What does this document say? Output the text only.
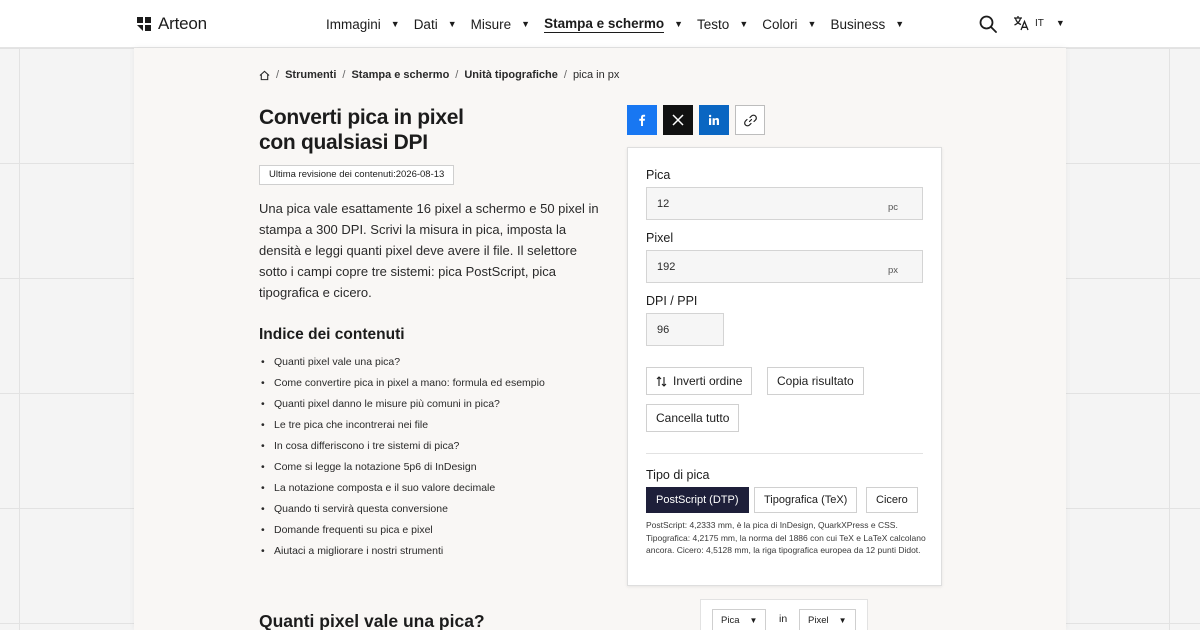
Arteon	Immagini ▼ Dati ▼ Misure ▼ Stampa e schermo ▼ Testo ▼ Colori ▼ Business ▼	IT ▼
/ Strumenti / Stampa e schermo / Unità tipografiche / pica in px
Converti pica in pixel
con qualsiasi DPI
Ultima revisione dei contenuti:2026-08-13

Una pica vale esattamente 16 pixel a schermo e 50 pixel in stampa a 300 DPI. Scrivi la misura in pica, imposta la densità e leggi quanti pixel deve avere il file. Il selettore sotto i campi copre tre sistemi: pica PostScript, pica tipografica e cicero.

Indice dei contenuti
• Quanti pixel vale una pica?
• Come convertire pica in pixel a mano: formula ed esempio
• Quanti pixel danno le misure più comuni in pica?
• Le tre pica che incontrerai nei file
• In cosa differiscono i tre sistemi di pica?
• Come si legge la notazione 5p6 di InDesign
• La notazione composta e il suo valore decimale
• Quando ti servirà questa conversione
• Domande frequenti su pica e pixel
• Aiutaci a migliorare i nostri strumenti
Quanti pixel vale una pica?
Pica
12	pc
Pixel
192	px
DPI / PPI
96
Inverti ordine	Copia risultato
Cancella tutto
Tipo di pica
PostScript (DTP)	Tipografica (TeX)	Cicero

PostScript: 4,2333 mm, è la pica di InDesign, QuarkXPress e CSS. Tipografica: 4,2175 mm, la norma del 1886 con cui TeX e LaTeX calcolano ancora. Cicero: 4,5128 mm, la riga tipografica europea da 12 punti Didot.

Pica ▼ in Pixel ▼
